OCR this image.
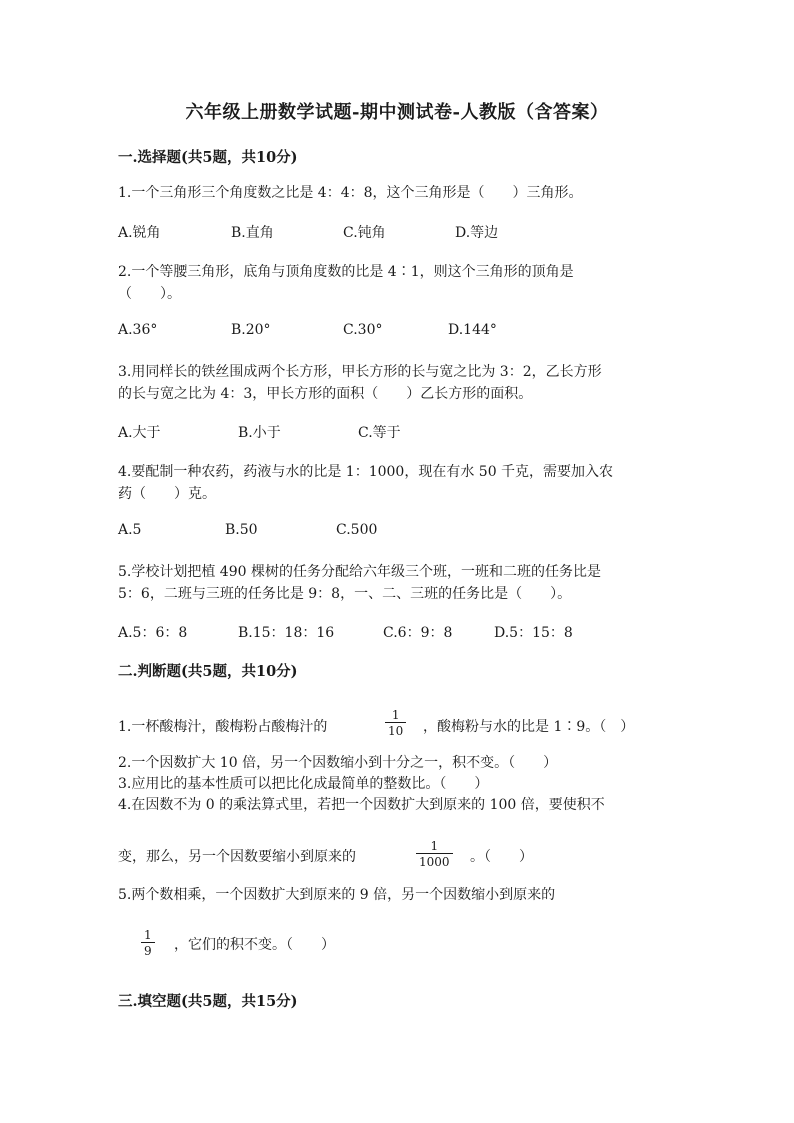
六年级上册数学试题-期中测试卷-人教版（含答案）
一.选择题(共5题，共10分)
1.一个三角形三个角度数之比是 4：4：8，这个三角形是（　　）三角形。
A.锐角	B.直角	C.钝角	D.等边
2.一个等腰三角形，底角与顶角度数的比是 4∶1，则这个三角形的顶角是
（　　）。
A.36°	B.20°	C.30°	D.144°
3.用同样长的铁丝围成两个长方形，甲长方形的长与宽之比为 3：2，乙长方形
的长与宽之比为 4：3，甲长方形的面积（　　）乙长方形的面积。
A.大于	B.小于	C.等于
4.要配制一种农药，药液与水的比是 1：1000，现在有水 50 千克，需要加入农
药（　　）克。
A.5	B.50	C.500
5.学校计划把植 490 棵树的任务分配给六年级三个班，一班和二班的任务比是
5：6，二班与三班的任务比是 9：8，一、二、三班的任务比是（　　）。
A.5：6：8	B.15：18：16	C.6：9：8	D.5：15：8
二.判断题(共5题，共10分)
1.一杯酸梅汁，酸梅粉占酸梅汁的	$\frac{1}{10}$ ，酸梅粉与水的比是 1∶9。（　）
2.一个因数扩大 10 倍，另一个因数缩小到十分之一，积不变。（　　）
3.应用比的基本性质可以把比化成最简单的整数比。（　　）
4.在因数不为 0 的乘法算式里，若把一个因数扩大到原来的 100 倍，要使积不
变，那么，另一个因数要缩小到原来的	$\frac{1}{1000}$ 。（　　）
5.两个数相乘，一个因数扩大到原来的 9 倍，另一个因数缩小到原来的
$\frac{1}{9}$ ，它们的积不变。（　　）
三.填空题(共5题，共15分)
